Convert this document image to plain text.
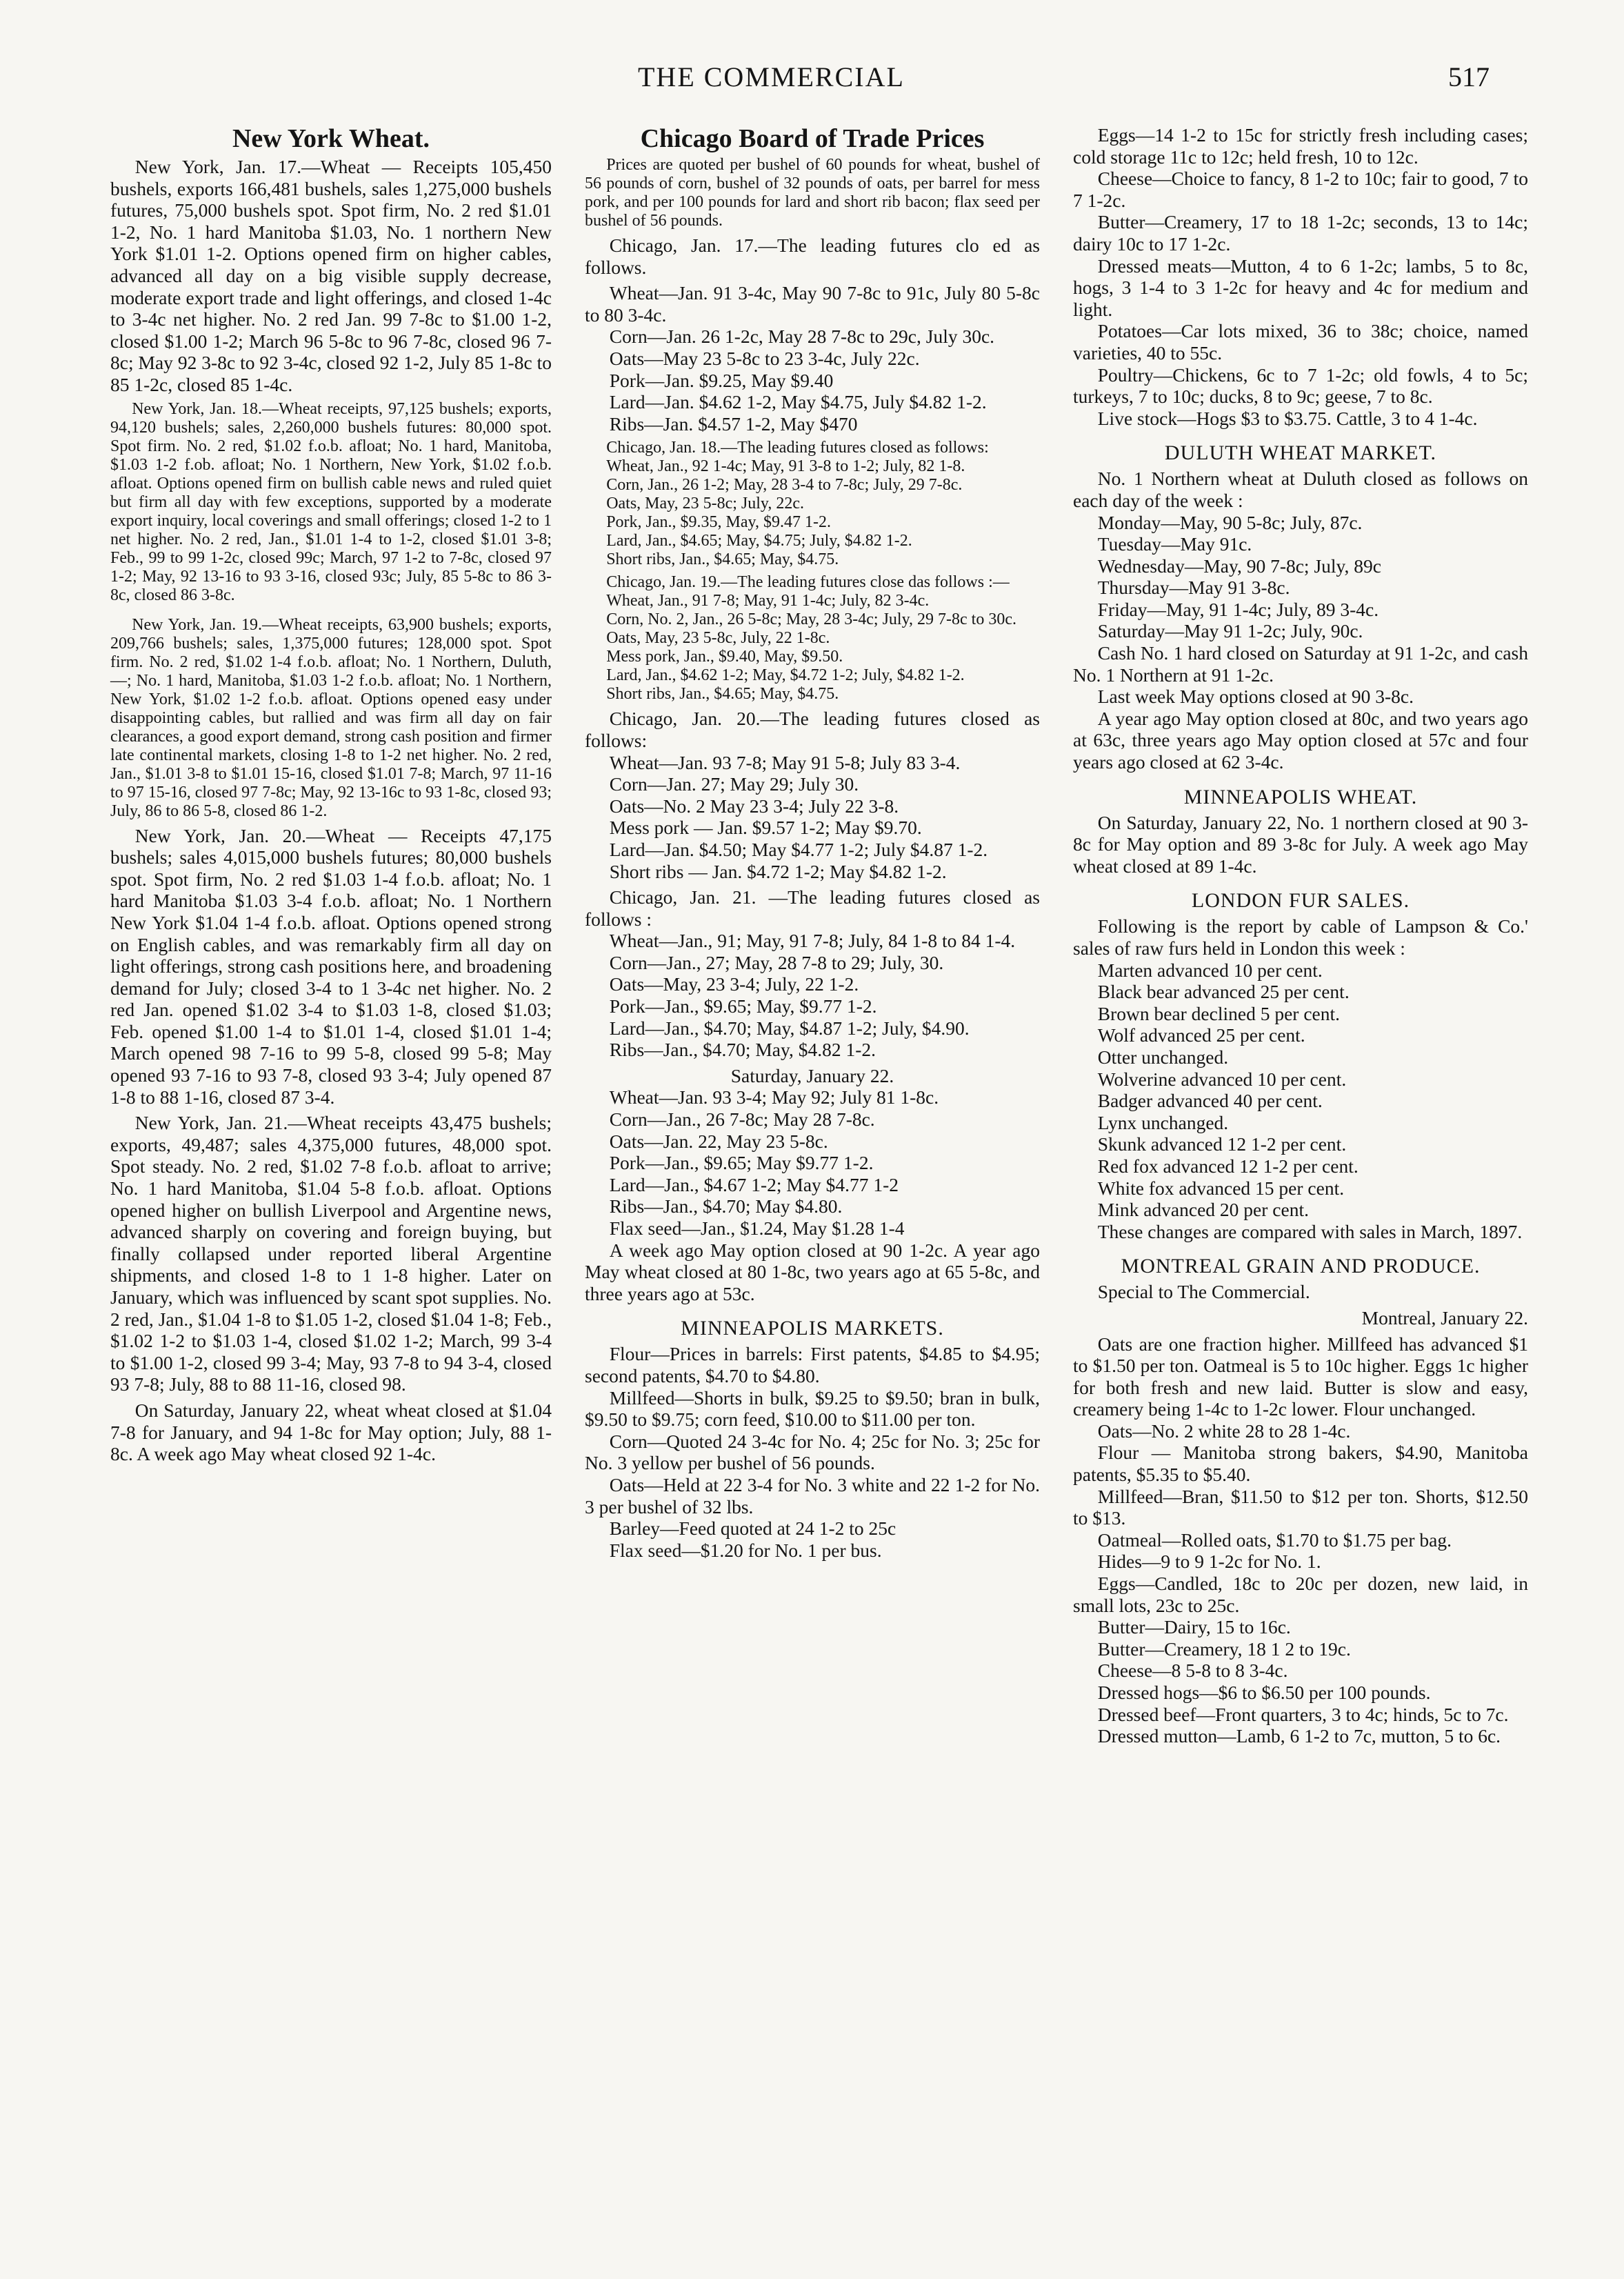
THE COMMERCIAL	517
New York Wheat.

New York, Jan. 17.—Wheat — Receipts 105,450 bushels, exports 166,481 bushels, sales 1,275,000 bushels futures, 75,000 bushels spot. Spot firm, No. 2 red $1.01 1-2, No. 1 hard Manitoba $1.03, No. 1 northern New York $1.01 1-2. Options opened firm on higher cables, advanced all day on a big visible supply decrease, moderate export trade and light offerings, and closed 1-4c to 3-4c net higher. No. 2 red Jan. 99 7-8c to $1.00 1-2, closed $1.00 1-2; March 96 5-8c to 96 7-8c, closed 96 7-8c; May 92 3-8c to 92 3-4c, closed 92 1-2, July 85 1-8c to 85 1-2c, closed 85 1-4c.

New York, Jan. 18.—Wheat receipts, 97,125 bushels; exports, 94,120 bushels; sales, 2,260,000 bushels futures: 80,000 spot. Spot firm. No. 2 red, $1.02 f.o.b. afloat; No. 1 hard, Manitoba, $1.03 1-2 f.ob. afloat; No. 1 Northern, New York, $1.02 f.o.b. afloat. Options opened firm on bullish cable news and ruled quiet but firm all day with few exceptions, supported by a moderate export inquiry, local coverings and small offerings; closed 1-2 to 1 net higher. No. 2 red, Jan., $1.01 1-4 to 1-2, closed $1.01 3-8; Feb., 99 to 99 1-2c, closed 99c; March, 97 1-2 to 7-8c, closed 97 1-2; May, 92 13-16 to 93 3-16, closed 93c; July, 85 5-8c to 86 3-8c, closed 86 3-8c.

New York, Jan. 19.—Wheat receipts, 63,900 bushels; exports, 209,766 bushels; sales, 1,375,000 futures; 128,000 spot. Spot firm. No. 2 red, $1.02 1-4 f.o.b. afloat; No. 1 Northern, Duluth, —; No. 1 hard, Manitoba, $1.03 1-2 f.o.b. afloat; No. 1 Northern, New York, $1.02 1-2 f.o.b. afloat. Options opened easy under disappointing cables, but rallied and was firm all day on fair clearances, a good export demand, strong cash position and firmer late continental markets, closing 1-8 to 1-2 net higher. No. 2 red, Jan., $1.01 3-8 to $1.01 15-16, closed $1.01 7-8; March, 97 11-16 to 97 15-16, closed 97 7-8c; May, 92 13-16c to 93 1-8c, closed 93; July, 86 to 86 5-8, closed 86 1-2.

New York, Jan. 20.—Wheat — Receipts 47,175 bushels; sales 4,015,000 bushels futures; 80,000 bushels spot. Spot firm, No. 2 red $1.03 1-4 f.o.b. afloat; No. 1 hard Manitoba $1.03 3-4 f.o.b. afloat; No. 1 Northern New York $1.04 1-4 f.o.b. afloat. Options opened strong on English cables, and was remarkably firm all day on light offerings, strong cash positions here, and broadening demand for July; closed 3-4 to 1 3-4c net higher. No. 2 red Jan. opened $1.02 3-4 to $1.03 1-8, closed $1.03; Feb. opened $1.00 1-4 to $1.01 1-4, closed $1.01 1-4; March opened 98 7-16 to 99 5-8, closed 99 5-8; May opened 93 7-16 to 93 7-8, closed 93 3-4; July opened 87 1-8 to 88 1-16, closed 87 3-4.

New York, Jan. 21.—Wheat receipts 43,475 bushels; exports, 49,487; sales 4,375,000 futures, 48,000 spot. Spot steady. No. 2 red, $1.02 7-8 f.o.b. afloat to arrive; No. 1 hard Manitoba, $1.04 5-8 f.o.b. afloat. Options opened higher on bullish Liverpool and Argentine news, advanced sharply on covering and foreign buying, but finally collapsed under reported liberal Argentine shipments, and closed 1-8 to 1 1-8 higher. Later on January, which was influenced by scant spot supplies. No. 2 red, Jan., $1.04 1-8 to $1.05 1-2, closed $1.04 1-8; Feb., $1.02 1-2 to $1.03 1-4, closed $1.02 1-2; March, 99 3-4 to $1.00 1-2, closed 99 3-4; May, 93 7-8 to 94 3-4, closed 93 7-8; July, 88 to 88 11-16, closed 98.

On Saturday, January 22, wheat wheat closed at $1.04 7-8 for January, and 94 1-8c for May option; July, 88 1-8c. A week ago May wheat closed 92 1-4c.

Chicago Board of Trade Prices

Prices are quoted per bushel of 60 pounds for wheat, bushel of 56 pounds of corn, bushel of 32 pounds of oats, per barrel for mess pork, and per 100 pounds for lard and short rib bacon; flax seed per bushel of 56 pounds.

Chicago, Jan. 17.—The leading futures clo ed as follows.

Wheat—Jan. 91 3-4c, May 90 7-8c to 91c, July 80 5-8c to 80 3-4c.

Corn—Jan. 26 1-2c, May 28 7-8c to 29c, July 30c.

Oats—May 23 5-8c to 23 3-4c, July 22c.

Pork—Jan. $9.25, May $9.40

Lard—Jan. $4.62 1-2, May $4.75, July $4.82 1-2.

Ribs—Jan. $4.57 1-2, May $470

Chicago, Jan. 18.—The leading futures closed as follows:

Wheat, Jan., 92 1-4c; May, 91 3-8 to 1-2; July, 82 1-8.

Corn, Jan., 26 1-2; May, 28 3-4 to 7-8c; July, 29 7-8c.

Oats, May, 23 5-8c; July, 22c.

Pork, Jan., $9.35, May, $9.47 1-2.

Lard, Jan., $4.65; May, $4.75; July, $4.82 1-2.

Short ribs, Jan., $4.65; May, $4.75.

Chicago, Jan. 19.—The leading futures close das follows :—

Wheat, Jan., 91 7-8; May, 91 1-4c; July, 82 3-4c.

Corn, No. 2, Jan., 26 5-8c; May, 28 3-4c; July, 29 7-8c to 30c.

Oats, May, 23 5-8c, July, 22 1-8c.

Mess pork, Jan., $9.40, May, $9.50.

Lard, Jan., $4.62 1-2; May, $4.72 1-2; July, $4.82 1-2.

Short ribs, Jan., $4.65; May, $4.75.

Chicago, Jan. 20.—The leading futures closed as follows:

Wheat—Jan. 93 7-8; May 91 5-8; July 83 3-4.

Corn—Jan. 27; May 29; July 30.

Oats—No. 2 May 23 3-4; July 22 3-8.

Mess pork — Jan. $9.57 1-2; May $9.70.

Lard—Jan. $4.50; May $4.77 1-2; July $4.87 1-2.

Short ribs — Jan. $4.72 1-2; May $4.82 1-2.

Chicago, Jan. 21. —The leading futures closed as follows :

Wheat—Jan., 91; May, 91 7-8; July, 84 1-8 to 84 1-4.

Corn—Jan., 27; May, 28 7-8 to 29; July, 30.

Oats—May, 23 3-4; July, 22 1-2.

Pork—Jan., $9.65; May, $9.77 1-2.

Lard—Jan., $4.70; May, $4.87 1-2; July, $4.90.

Ribs—Jan., $4.70; May, $4.82 1-2.

Saturday, January 22.

Wheat—Jan. 93 3-4; May 92; July 81 1-8c.

Corn—Jan., 26 7-8c; May 28 7-8c.

Oats—Jan. 22, May 23 5-8c.

Pork—Jan., $9.65; May $9.77 1-2.

Lard—Jan., $4.67 1-2; May $4.77 1-2

Ribs—Jan., $4.70; May $4.80.

Flax seed—Jan., $1.24, May $1.28 1-4

A week ago May option closed at 90 1-2c. A year ago May wheat closed at 80 1-8c, two years ago at 65 5-8c, and three years ago at 53c.

MINNEAPOLIS MARKETS.

Flour—Prices in barrels: First patents, $4.85 to $4.95; second patents, $4.70 to $4.80.

Millfeed—Shorts in bulk, $9.25 to $9.50; bran in bulk, $9.50 to $9.75; corn feed, $10.00 to $11.00 per ton.

Corn—Quoted 24 3-4c for No. 4; 25c for No. 3; 25c for No. 3 yellow per bushel of 56 pounds.

Oats—Held at 22 3-4 for No. 3 white and 22 1-2 for No. 3 per bushel of 32 lbs.

Barley—Feed quoted at 24 1-2 to 25c

Flax seed—$1.20 for No. 1 per bus.

Eggs—14 1-2 to 15c for strictly fresh including cases; cold storage 11c to 12c; held fresh, 10 to 12c.

Cheese—Choice to fancy, 8 1-2 to 10c; fair to good, 7 to 7 1-2c.

Butter—Creamery, 17 to 18 1-2c; seconds, 13 to 14c; dairy 10c to 17 1-2c.

Dressed meats—Mutton, 4 to 6 1-2c; lambs, 5 to 8c, hogs, 3 1-4 to 3 1-2c for heavy and 4c for medium and light.

Potatoes—Car lots mixed, 36 to 38c; choice, named varieties, 40 to 55c.

Poultry—Chickens, 6c to 7 1-2c; old fowls, 4 to 5c; turkeys, 7 to 10c; ducks, 8 to 9c; geese, 7 to 8c.

Live stock—Hogs $3 to $3.75. Cattle, 3 to 4 1-4c.

DULUTH WHEAT MARKET.

No. 1 Northern wheat at Duluth closed as follows on each day of the week :

Monday—May, 90 5-8c; July, 87c.

Tuesday—May 91c.

Wednesday—May, 90 7-8c; July, 89c

Thursday—May 91 3-8c.

Friday—May, 91 1-4c; July, 89 3-4c.

Saturday—May 91 1-2c; July, 90c.

Cash No. 1 hard closed on Saturday at 91 1-2c, and cash No. 1 Northern at 91 1-2c.

Last week May options closed at 90 3-8c.

A year ago May option closed at 80c, and two years ago at 63c, three years ago May option closed at 57c and four years ago closed at 62 3-4c.

MINNEAPOLIS WHEAT.

On Saturday, January 22, No. 1 northern closed at 90 3-8c for May option and 89 3-8c for July. A week ago May wheat closed at 89 1-4c.

LONDON FUR SALES.

Following is the report by cable of Lampson & Co.' sales of raw furs held in London this week :

Marten advanced 10 per cent.

Black bear advanced 25 per cent.

Brown bear declined 5 per cent.

Wolf advanced 25 per cent.

Otter unchanged.

Wolverine advanced 10 per cent.

Badger advanced 40 per cent.

Lynx unchanged.

Skunk advanced 12 1-2 per cent.

Red fox advanced 12 1-2 per cent.

White fox advanced 15 per cent.

Mink advanced 20 per cent.

These changes are compared with sales in March, 1897.

MONTREAL GRAIN AND PRODUCE.

Special to The Commercial.

Montreal, January 22.

Oats are one fraction higher. Millfeed has advanced $1 to $1.50 per ton. Oatmeal is 5 to 10c higher. Eggs 1c higher for both fresh and new laid. Butter is slow and easy, creamery being 1-4c to 1-2c lower. Flour unchanged.

Oats—No. 2 white 28 to 28 1-4c.

Flour — Manitoba strong bakers, $4.90, Manitoba patents, $5.35 to $5.40.

Millfeed—Bran, $11.50 to $12 per ton. Shorts, $12.50 to $13.

Oatmeal—Rolled oats, $1.70 to $1.75 per bag.

Hides—9 to 9 1-2c for No. 1.

Eggs—Candled, 18c to 20c per dozen, new laid, in small lots, 23c to 25c.

Butter—Dairy, 15 to 16c.

Butter—Creamery, 18 1 2 to 19c.

Cheese—8 5-8 to 8 3-4c.

Dressed hogs—$6 to $6.50 per 100 pounds.

Dressed beef—Front quarters, 3 to 4c; hinds, 5c to 7c.

Dressed mutton—Lamb, 6 1-2 to 7c, mutton, 5 to 6c.
